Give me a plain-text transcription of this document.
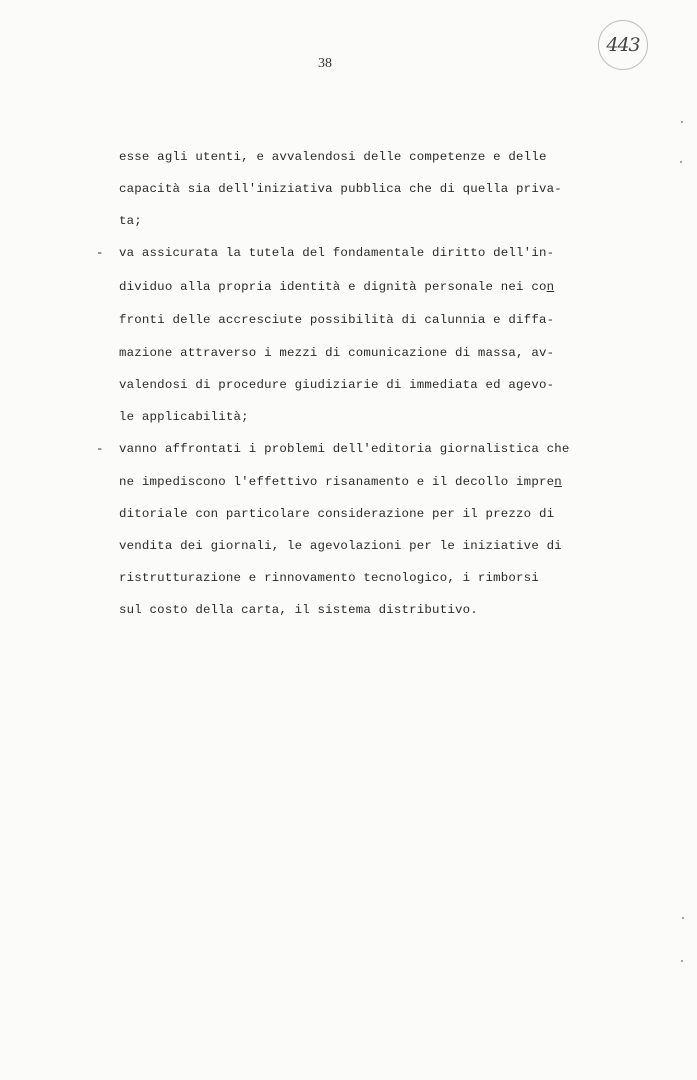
38
443
esse agli utenti, e avvalendosi delle competenze e delle
capacità sia dell'iniziativa pubblica che di quella priva-
ta;
- va assicurata la tutela del fondamentale diritto dell'in-
dividuo alla propria identità e dignità personale nei con
fronti delle accresciute possibilità di calunnia e diffa-
mazione attraverso i mezzi di comunicazione di massa, av-
valendosi di procedure giudiziarie di immediata ed agevo-
le applicabilità;
- vanno affrontati i problemi dell'editoria giornalistica che
ne impediscono l'effettivo risanamento e il decollo impren
ditoriale con particolare considerazione per il prezzo di
vendita dei giornali, le agevolazioni per le iniziative di
ristrutturazione e rinnovamento tecnologico, i rimborsi
sul costo della carta, il sistema distributivo.
